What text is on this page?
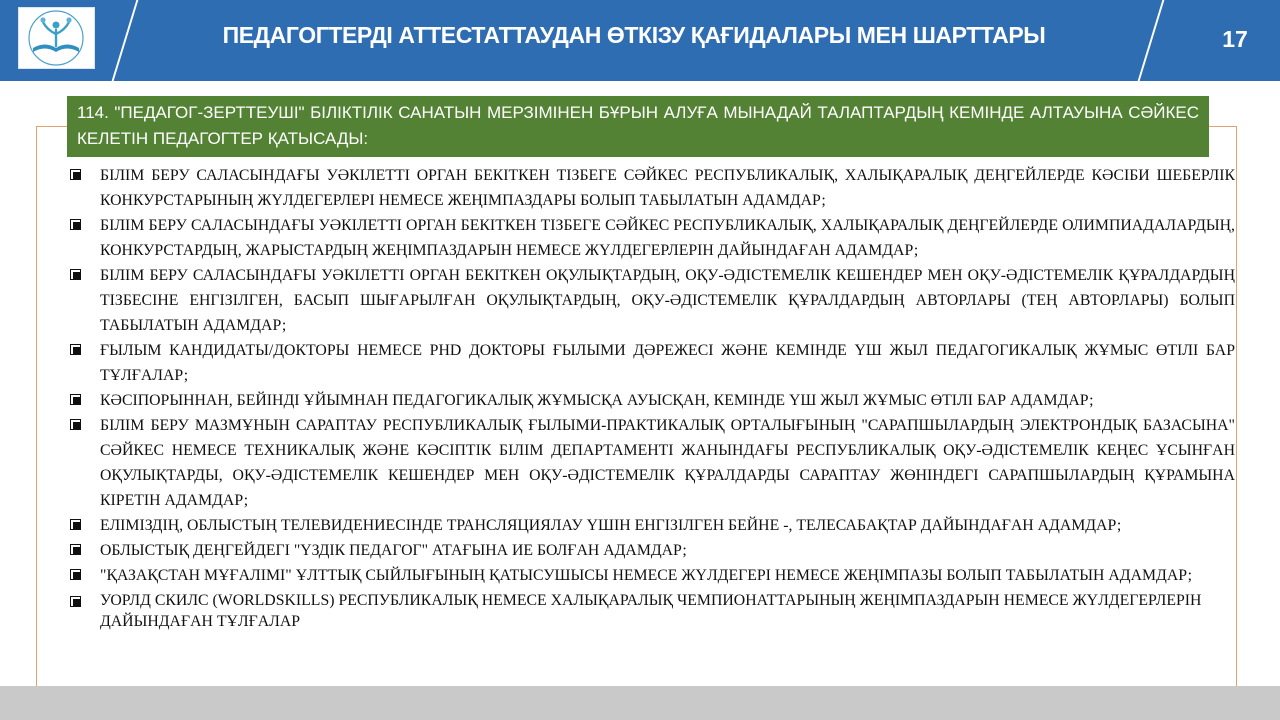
ПЕДАГОГТЕРДІ АТТЕСТАТТАУДАН ӨТКІЗУ ҚАҒИДАЛАРЫ МЕН ШАРТТАРЫ	17
114. "ПЕДАГОГ-ЗЕРТТЕУШІ" БІЛІКТІЛІК САНАТЫН МЕРЗІМІНЕН БҰРЫН АЛУҒА МЫНАДАЙ ТАЛАПТАРДЫҢ КЕМІНДЕ АЛТАУЫНА СӘЙКЕС КЕЛЕТІН ПЕДАГОГТЕР ҚАТЫСАДЫ:
БІЛІМ БЕРУ САЛАСЫНДАҒЫ УӘКІЛЕТТІ ОРГАН БЕКІТКЕН ТІЗБЕГЕ СӘЙКЕС РЕСПУБЛИКАЛЫҚ, ХАЛЫҚАРАЛЫҚ ДЕҢГЕЙЛЕРДЕ КӘСІБИ ШЕБЕРЛІК КОНКУРСТАРЫНЫҢ ЖҮЛДЕГЕРЛЕРІ НЕМЕСЕ ЖЕҢІМПАЗДАРЫ БОЛЫП ТАБЫЛАТЫН АДАМДАР;
БІЛІМ БЕРУ САЛАСЫНДАҒЫ УӘКІЛЕТТІ ОРГАН БЕКІТКЕН ТІЗБЕГЕ СӘЙКЕС РЕСПУБЛИКАЛЫҚ, ХАЛЫҚАРАЛЫҚ ДЕҢГЕЙЛЕРДЕ ОЛИМПИАДАЛАРДЫҢ, КОНКУРСТАРДЫҢ, ЖАРЫСТАРДЫҢ ЖЕҢІМПАЗДАРЫН НЕМЕСЕ ЖҮЛДЕГЕРЛЕРІН ДАЙЫНДАҒАН АДАМДАР;
БІЛІМ БЕРУ САЛАСЫНДАҒЫ УӘКІЛЕТТІ ОРГАН БЕКІТКЕН ОҚУЛЫҚТАРДЫҢ, ОҚУ-ӘДІСТЕМЕЛІК КЕШЕНДЕР МЕН ОҚУ-ӘДІСТЕМЕЛІК ҚҰРАЛДАРДЫҢ ТІЗБЕСІНЕ ЕНГІЗІЛГЕН, БАСЫП ШЫҒАРЫЛҒАН ОҚУЛЫҚТАРДЫҢ, ОҚУ-ӘДІСТЕМЕЛІК ҚҰРАЛДАРДЫҢ АВТОРЛАРЫ (ТЕҢ АВТОРЛАРЫ) БОЛЫП ТАБЫЛАТЫН АДАМДАР;
ҒЫЛЫМ КАНДИДАТЫ/ДОКТОРЫ НЕМЕСЕ PHD ДОКТОРЫ ҒЫЛЫМИ ДӘРЕЖЕСІ ЖӘНЕ КЕМІНДЕ ҮШ ЖЫЛ ПЕДАГОГИКАЛЫҚ ЖҰМЫС ӨТІЛІ БАР ТҰЛҒАЛАР;
КӘСІПОРЫННАН, БЕЙІНДІ ҰЙЫМНАН ПЕДАГОГИКАЛЫҚ ЖҰМЫСҚА АУЫСҚАН, КЕМІНДЕ ҮШ ЖЫЛ ЖҰМЫС ӨТІЛІ БАР АДАМДАР;
БІЛІМ БЕРУ МАЗМҰНЫН САРАПТАУ РЕСПУБЛИКАЛЫҚ ҒЫЛЫМИ-ПРАКТИКАЛЫҚ ОРТАЛЫҒЫНЫҢ "САРАПШЫЛАРДЫҢ ЭЛЕКТРОНДЫҚ БАЗАСЫНА" СӘЙКЕС НЕМЕСЕ ТЕХНИКАЛЫҚ ЖӘНЕ КӘСІПТІК БІЛІМ ДЕПАРТАМЕНТІ ЖАНЫНДАҒЫ РЕСПУБЛИКАЛЫҚ ОҚУ-ӘДІСТЕМЕЛІК КЕҢЕС ҰСЫНҒАН ОҚУЛЫҚТАРДЫ, ОҚУ-ӘДІСТЕМЕЛІК КЕШЕНДЕР МЕН ОҚУ-ӘДІСТЕМЕЛІК ҚҰРАЛДАРДЫ САРАПТАУ ЖӨНІНДЕГІ САРАПШЫЛАРДЫҢ ҚҰРАМЫНА КІРЕТІН АДАМДАР;
ЕЛІМІЗДІҢ, ОБЛЫСТЫҢ ТЕЛЕВИДЕНИЕСІНДЕ ТРАНСЛЯЦИЯЛАУ ҮШІН ЕНГІЗІЛГЕН БЕЙНЕ -, ТЕЛЕСАБАҚТАР ДАЙЫНДАҒАН АДАМДАР;
ОБЛЫСТЫҚ ДЕҢГЕЙДЕГІ "ҮЗДІК ПЕДАГОГ" АТАҒЫНА ИЕ БОЛҒАН АДАМДАР;
"ҚАЗАҚСТАН МҰҒАЛІМІ" ҰЛТТЫҚ СЫЙЛЫҒЫНЫҢ ҚАТЫСУШЫСЫ НЕМЕСЕ ЖҮЛДЕГЕРІ НЕМЕСЕ ЖЕҢІМПАЗЫ БОЛЫП ТАБЫЛАТЫН АДАМДАР;
УОРЛД СКИЛС (WORLDSKILLS) РЕСПУБЛИКАЛЫҚ НЕМЕСЕ ХАЛЫҚАРАЛЫҚ ЧЕМПИОНАТТАРЫНЫҢ ЖЕҢІМПАЗДАРЫН НЕМЕСЕ ЖҮЛДЕГЕРЛЕРІН ДАЙЫНДАҒАН ТҰЛҒАЛАР
